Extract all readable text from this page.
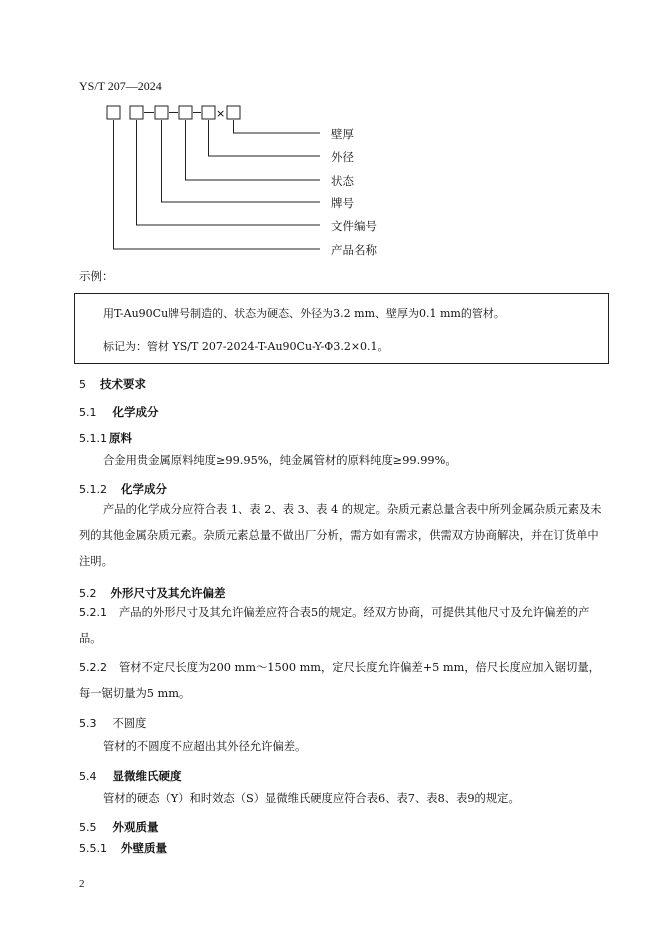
YS/T 207—2024
×
壁厚
外径
状态
牌号
文件编号
产品名称
示例：
用T-Au90Cu牌号制造的、状态为硬态、外径为3.2 mm、壁厚为0.1 mm的管材。
标记为：管材 YS/T 207-2024-T-Au90Cu-Y-Φ3.2×0.1。
5 技术要求
5.1 化学成分
5.1.1 原料
合金用贵金属原料纯度≥99.95%，纯金属管材的原料纯度≥99.99%。
5.1.2 化学成分
产品的化学成分应符合表 1、表 2、表 3、表 4 的规定。杂质元素总量含表中所列金属杂质元素及未列的其他金属杂质元素。杂质元素总量不做出厂分析，需方如有需求，供需双方协商解决，并在订货单中注明。
5.2 外形尺寸及其允许偏差
5.2.1 产品的外形尺寸及其允许偏差应符合表5的规定。经双方协商，可提供其他尺寸及允许偏差的产品。
5.2.2 管材不定尺长度为200 mm～1500 mm，定尺长度允许偏差+5 mm，倍尺长度应加入锯切量，每一锯切量为5 mm。
5.3 不圆度
管材的不圆度不应超出其外径允许偏差。
5.4 显微维氏硬度
管材的硬态（Y）和时效态（S）显微维氏硬度应符合表6、表7、表8、表9的规定。
5.5 外观质量
5.5.1 外壁质量
2
